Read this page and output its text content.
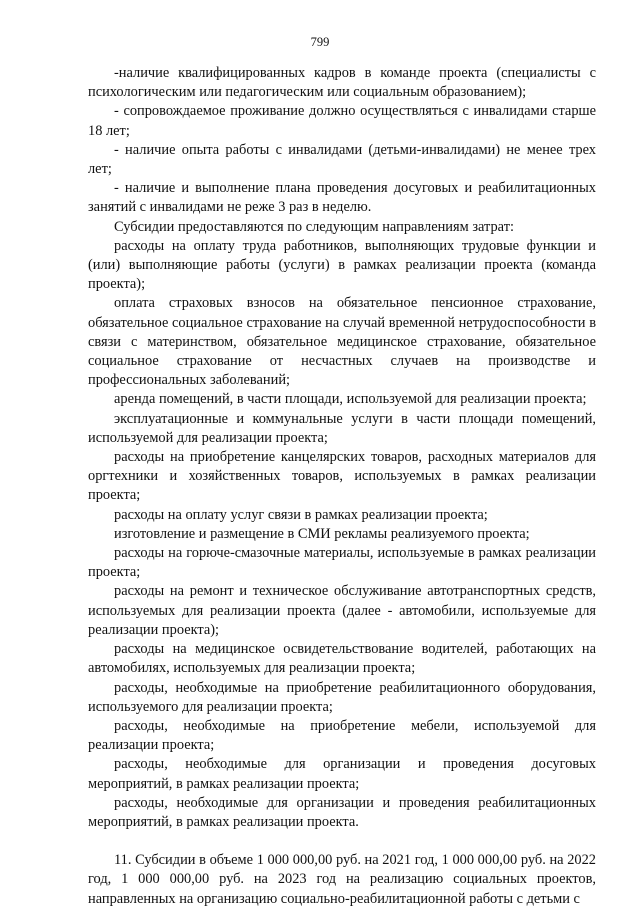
799

-наличие квалифицированных кадров в команде проекта (специалисты с психологическим или педагогическим или социальным образованием);

- сопровождаемое проживание должно осуществляться с инвалидами старше 18 лет;

- наличие опыта работы с инвалидами (детьми-инвалидами) не менее трех лет;

- наличие и выполнение плана проведения досуговых и реабилитационных занятий с инвалидами не реже 3 раз в неделю.

Субсидии предоставляются по следующим направлениям затрат:

расходы на оплату труда работников, выполняющих трудовые функции и (или) выполняющие работы (услуги) в рамках реализации проекта (команда проекта);

оплата страховых взносов на обязательное пенсионное страхование, обязательное социальное страхование на случай временной нетрудоспособности в связи с материнством, обязательное медицинское страхование, обязательное социальное страхование от несчастных случаев на производстве и профессиональных заболеваний;

аренда помещений, в части площади, используемой для реализации проекта;

эксплуатационные и коммунальные услуги в части площади помещений, используемой для реализации проекта;

расходы на приобретение канцелярских товаров, расходных материалов для оргтехники и хозяйственных товаров, используемых в рамках реализации проекта;

расходы на оплату услуг связи в рамках реализации проекта;

изготовление и размещение в СМИ рекламы реализуемого проекта;

расходы на горюче-смазочные материалы, используемые в рамках реализации проекта;

расходы на ремонт и техническое обслуживание автотранспортных средств, используемых для реализации проекта (далее - автомобили, используемые для реализации проекта);

расходы на медицинское освидетельствование водителей, работающих на автомобилях, используемых для реализации проекта;

расходы, необходимые на приобретение реабилитационного оборудования, используемого для реализации проекта;

расходы, необходимые на приобретение мебели, используемой для реализации проекта;

расходы, необходимые для организации и проведения досуговых мероприятий, в рамках реализации проекта;

расходы, необходимые для организации и проведения реабилитационных мероприятий, в рамках реализации проекта.

11. Субсидии в объеме 1 000 000,00 руб. на 2021 год, 1 000 000,00 руб. на 2022 год, 1 000 000,00 руб. на 2023 год на реализацию социальных проектов, направленных на организацию социально-реабилитационной работы с детьми с
